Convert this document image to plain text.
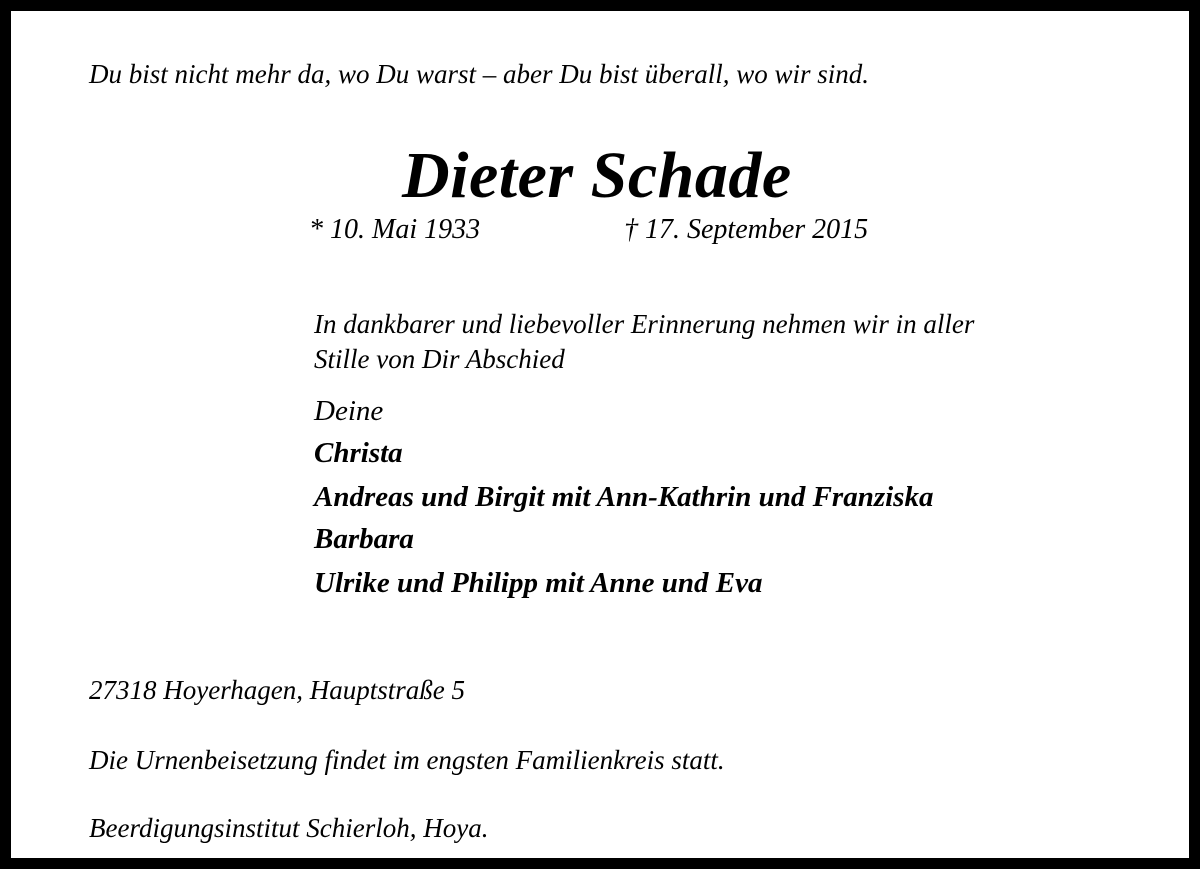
Du bist nicht mehr da, wo Du warst – aber Du bist überall, wo wir sind.

Dieter Schade
* 10. Mai 1933	† 17. September 2015

In dankbarer und liebevoller Erinnerung nehmen wir in aller
Stille von Dir Abschied

Deine

Christa

Andreas und Birgit mit Ann-Kathrin und Franziska

Barbara

Ulrike und Philipp mit Anne und Eva

27318 Hoyerhagen, Hauptstraße 5

Die Urnenbeisetzung findet im engsten Familienkreis statt.

Beerdigungsinstitut Schierloh, Hoya.
